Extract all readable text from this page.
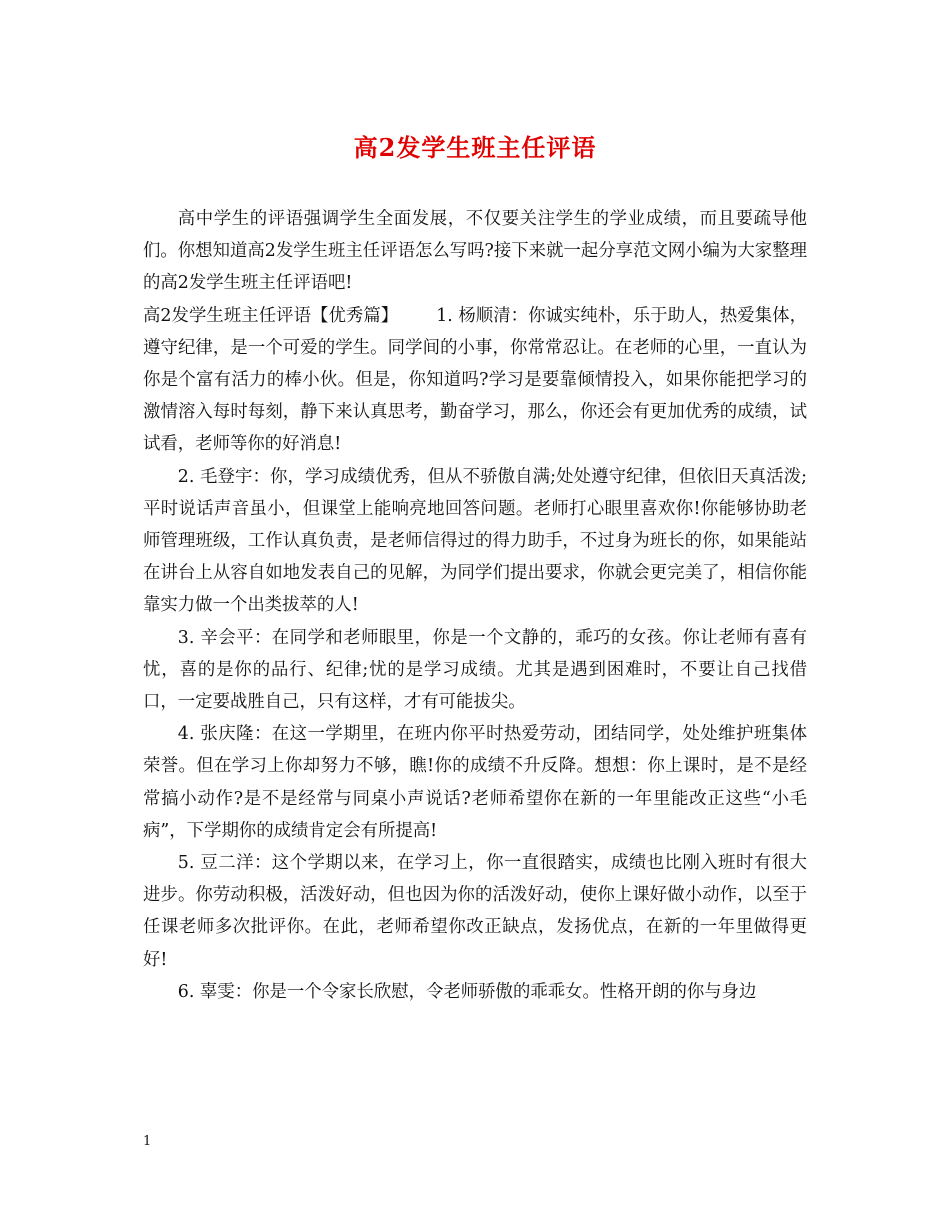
高2发学生班主任评语

高中学生的评语强调学生全面发展，不仅要关注学生的学业成绩，而且要疏导他们。你想知道高2发学生班主任评语怎么写吗?接下来就一起分享范文网小编为大家整理的高2发学生班主任评语吧!

高2发学生班主任评语【优秀篇】 1. 杨顺清：你诚实纯朴，乐于助人，热爱集体，遵守纪律，是一个可爱的学生。同学间的小事，你常常忍让。在老师的心里，一直认为你是个富有活力的棒小伙。但是，你知道吗?学习是要靠倾情投入，如果你能把学习的激情溶入每时每刻，静下来认真思考，勤奋学习，那么，你还会有更加优秀的成绩，试试看，老师等你的好消息!

2. 毛登宇：你，学习成绩优秀，但从不骄傲自满;处处遵守纪律，但依旧天真活泼;平时说话声音虽小，但课堂上能响亮地回答问题。老师打心眼里喜欢你!你能够协助老师管理班级，工作认真负责，是老师信得过的得力助手，不过身为班长的你，如果能站在讲台上从容自如地发表自己的见解，为同学们提出要求，你就会更完美了，相信你能靠实力做一个出类拔萃的人!

3. 辛会平：在同学和老师眼里，你是一个文静的，乖巧的女孩。你让老师有喜有忧，喜的是你的品行、纪律;忧的是学习成绩。尤其是遇到困难时，不要让自己找借口，一定要战胜自己，只有这样，才有可能拔尖。

4. 张庆隆：在这一学期里，在班内你平时热爱劳动，团结同学，处处维护班集体荣誉。但在学习上你却努力不够，瞧!你的成绩不升反降。想想：你上课时，是不是经常搞小动作?是不是经常与同桌小声说话?老师希望你在新的一年里能改正这些“小毛病”，下学期你的成绩肯定会有所提高!

5. 豆二洋：这个学期以来，在学习上，你一直很踏实，成绩也比刚入班时有很大进步。你劳动积极，活泼好动，但也因为你的活泼好动，使你上课好做小动作，以至于任课老师多次批评你。在此，老师希望你改正缺点，发扬优点，在新的一年里做得更好!

6. 辜雯：你是一个令家长欣慰，令老师骄傲的乖乖女。性格开朗的你与身边

1
